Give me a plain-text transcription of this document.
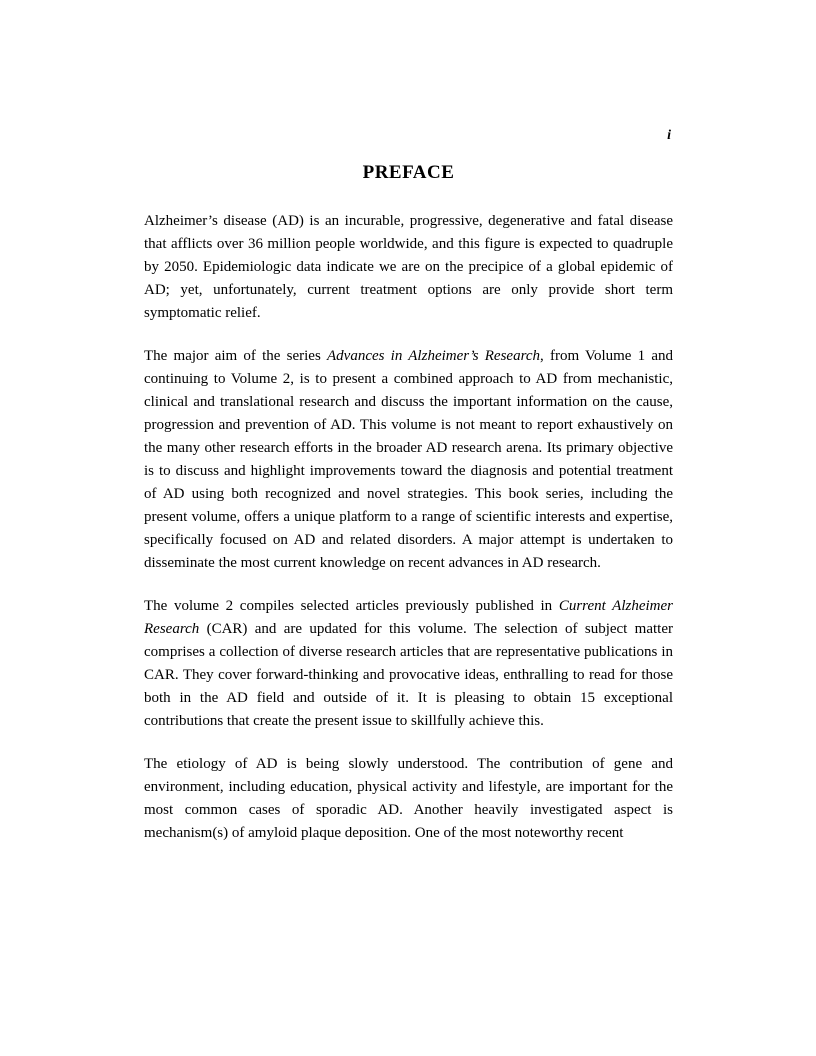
i
PREFACE

Alzheimer’s disease (AD) is an incurable, progressive, degenerative and fatal disease that afflicts over 36 million people worldwide, and this figure is expected to quadruple by 2050. Epidemiologic data indicate we are on the precipice of a global epidemic of AD; yet, unfortunately, current treatment options are only provide short term symptomatic relief.

The major aim of the series Advances in Alzheimer’s Research, from Volume 1 and continuing to Volume 2, is to present a combined approach to AD from mechanistic, clinical and translational research and discuss the important information on the cause, progression and prevention of AD. This volume is not meant to report exhaustively on the many other research efforts in the broader AD research arena. Its primary objective is to discuss and highlight improvements toward the diagnosis and potential treatment of AD using both recognized and novel strategies. This book series, including the present volume, offers a unique platform to a range of scientific interests and expertise, specifically focused on AD and related disorders. A major attempt is undertaken to disseminate the most current knowledge on recent advances in AD research.

The volume 2 compiles selected articles previously published in Current Alzheimer Research (CAR) and are updated for this volume. The selection of subject matter comprises a collection of diverse research articles that are representative publications in CAR. They cover forward-thinking and provocative ideas, enthralling to read for those both in the AD field and outside of it. It is pleasing to obtain 15 exceptional contributions that create the present issue to skillfully achieve this.

The etiology of AD is being slowly understood. The contribution of gene and environment, including education, physical activity and lifestyle, are important for the most common cases of sporadic AD. Another heavily investigated aspect is mechanism(s) of amyloid plaque deposition. One of the most noteworthy recent
